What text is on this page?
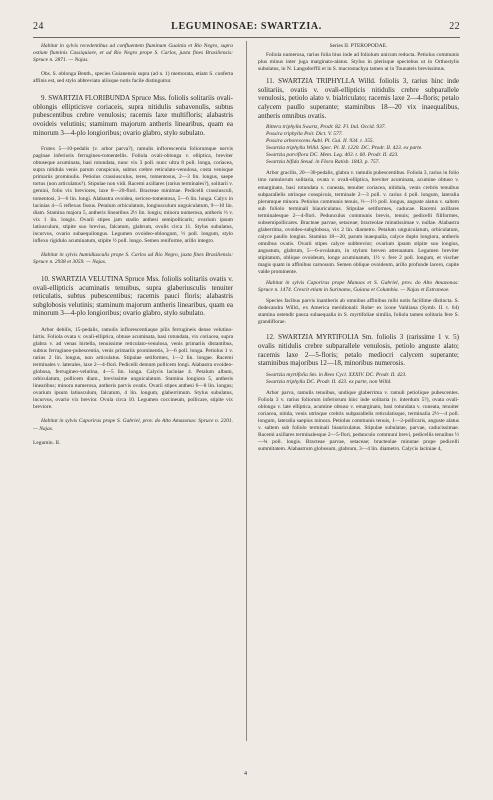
24	LEGUMINOSAE: SWARTZIA.	22

Habitat in sylvis recedentibus ad confluentem fluminum Guainia et Rio Negro, supra ostium fluminis Cassiquiare, et ad Rio Negro prope S. Carlos, juxta fines Brasiliensis: Spruce n. 2871. — Najas.

Obs. S. oblonga Benth., species Guianensis supra (ad n. 1) memorata, etiam S. conferta affinis est, sed stylo abbreviato aliisque notis facile distinguitur.

9. SWARTZIA FLORIBUNDA Spruce Mss. foliolis solitariis ovali-oblongis ellipticisve coriaceis, supra nitidulis subavenulis, subtus pubescentibus crebre venulosis; racemis laxe multifloris; alabastris ovoideis velutinis; staminum majorum antheris linearibus, quam ea minorum 3—4-plo longioribus; ovario glabro, stylo subulato.

Frutex 5—10-pedalis (v. arbor parva?), ramulis inflorescentia foliorumque nervis paginae inferioris ferrugineo-tomentellis. Foliola ovali-oblonga v. elliptica, breviter obtuseque acuminata, basi rotundata, nunc vix 3 poll. nunc ultra 8 poll. longa, coriacea, supra nitidula venis parum conspicuis, subtus crebre reticulato-venulosa, costa venisque primariis prominulis. Petiolus crassiusculus, teres, tomentosus, 2—3 lin. longus, saepe tortus (non articulatus?). Stipulae non vidi. Racemi axillares (rarius terminales?), solitarii v. gemini, folio vix breviores, laxe 8—20-flori. Bracteae minimae. Pedicelli crassiusculi, tomentosi, 3—6 lin. longi. Alabastra ovoidea, sericeo-tomentosa, 5—6 lin. longa. Calyx in lacinias 4—5 reflexas fissus. Petalum orbiculatum, longiusculum unguiculatum, 9—10 lin. diam. Stamina majora 5, antheris linearibus 2½ lin. longis; minora numerosa, antheris ⅔ v. vix 1 lin. longis. Ovarii stipes jam stadio anthesi semipollicaris; ovarium ipsum latiusculum, stipite suo brevius, falcatum, glabrum, ovulis circa 11. Stylus subulatus, incurvus, ovario subaequilongus. Legumen ovoideo-oblongum, ½ poll. longum, stylo inflexo rigidulo acuminatum, stipite ½ poll. longo. Semen reniforme, arillo integro.

Habitat in sylvis humidiusculis prope S. Carlos ad Rio Negro, juxta fines Brasiliensis: Spruce n. 2938 et 3059. — Najas.

10. SWARTZIA VELUTINA Spruce Mss. foliolis solitariis ovatis v. ovali-ellipticis acuminatis tenuibus, supra glaberiusculis tenuiter reticulatis, subtus pubescentibus; racemis pauci floris; alabastris subglobosis velutinis; staminum majorum antheris linearibus, quam ea minorum 3—4-plo longioribus; ovario glabro, stylo subulato.

Arbor debilis, 15-pedalis, ramulis inflorescentiaque pilis ferrugineis dense velutino-hirtis. Foliola ovata v. ovali-elliptica, obtuse acuminata, basi rotundata, vix coriacea, supra glabra v. ad venas hirtella, tenuissime reticulato-venulosa, venis primariis distantibus, subtus ferrugineo-pubescentia, venis primariis prominentis, 3—6 poll. longa. Petiolus 1 v. rarius 2 lin. longus, non articulatus. Stipulae setiformes, 1—2 lin. longae. Racemi terminales v. laterales, laxe 2—4-flori. Pedicelli demum pollicem longi. Alabastra ovoideo-globosa, ferrugineo-velutina, 4—5 lin. longa. Calycis laciniae 4. Petalum album, orbiculatum, pollicem diam., brevissime unguiculatum. Stamina longiora 5, antheris linearibus; minora numerosa, antheris parvis ovatis. Ovarii stipes anthesi 6—8 lin. longus; ovarium ipsum latiusculum, falcatum, 4 lin. longum, glaberrimum. Stylus subulatus, incurvus, ovario vix brevior. Ovula circa 10. Legumen coccineum, pollicare, stipite vix breviore.

Habitat in sylvis Caporiras prope S. Gabriel, prov. do Alto Amazonas: Spruce n. 2201. — Najas.

Legumin. II.

Series II. PTEROPODAE.

Foliola numerosa, rarius folia bius inde ad foliolum unicum reducta. Petiolus communis plus minus inter juga marginato-alatus. Stylus in plerisque speciebus ut in Orthostylis subulatus, in N. Langsdorffii et in S. macrostachya tamen ut in Tounateis brevissimus.

11. SWARTZIA TRIPHYLLA Willd. foliolis 3, rarius hinc inde solitariis, ovatis v. ovali-ellipticis nitidulis crebre subparallele venulosis, petiolo alato v. bialriculato; racemis laxe 2—4-floris; petalo calycem paullo superante; staminibus 18—20 vix inaequalibus, antheris omnibus ovatis.

Rittera triphylla Swartz, Prodr. 82. Fl. Ind. Occid. 937.

Possira triphylla Poir. Dict. V. 577.

Possira arborescens Aubl. Pl. Gui. II. 934. t. 355.

Swartzia triphylla Willd. Spec. Pl. II. 1220. DC. Prodr. II. 423. ex parte.

Swartzia parviflora DC. Mem. Leg. 403. t. 60. Prodr. II. 423.

Swartzia bifida Steud. in Flora Ratisb. 1843. p. 757.

Arbor gracilis, 20—30-pedalis, glabra v. ramulis pubescentibus. Foliola 3, rarius in folio imo ramulorum solitaria, ovata v. ovali-elliptica, breviter acuminata, acumine obtuso v. emarginato, basi rotundata v. cuneata, tenuiter coriacea, nitidula, venis crebris tenuibus subparallelis utrinque conspicuis, terminale 2—3 poll. v. rarius 4 poll. longum, lateralia plerumque minora. Petiolus communis tenuis, ½—1½ poll. longus, anguste alatus v. saltem sub foliolo terminali biauriculatus. Stipulae setiformes, caducae. Racemi axillares terminalesque 2—4-flori. Pedunculus communis brevis, tenuis; pedicelli filiformes, subsemipollicares. Bracteae parvae, setaceae; bracteolae minutissimae v. nullae. Alabastra glaberrima, ovoideo-subglobosa, vix 2 lin. diametro. Petalum unguiculatum, orbiculatum, calyce paullo longius. Stamina 18—20, parum inaequalia, calyce duplo longiora, antheris omnibus ovatis. Ovarii stipes calyce subbrevior; ovarium ipsum stipite suo longius, angustum, glabrum, 5—6-ovulatum, in stylum breven attenuatum. Legumen breviter stipitatum, oblique ovoideum, longe acuminatum, 1½ v. fere 2 poll. longum, et vischer magis quam in affinibus carnosum. Semen oblique ovoideum, arillo profunde lacero, capite valde prominente.

Habitat in sylvis Caporiras prope Manaos et S. Gabriel, prov. do Alto Amazonas: Spruce n. 1474. Crescit etiam in Surinamo, Guiana et Columbia. — Najas et Extraneae.

Species facibus parvis inantheris ab omnibus affinibus mihi notis facillime distincta. S. dodecandra Willd., ex America meridionali: Roheᵃ ex icone Vahliana (Symb. II. t. 64) stamina ostendit pauca subaequalia in S. myrtifoliae similia, foliola tamen solitaria fere S. grandiflorae.

12. SWARTZIA MYRTIFOLIA Sm. foliolis 3 (rarissime 1 v. 5) ovalis nitidulis crebre subparallele venulosis, petiolo anguste alato; racemis laxe 2—5-floris; petalo mediocri calycem superante; staminibus majoribus 12—18, minoribus numerosis.

Swartzia myrtifolia Sm. in Rees Cycl. XXXIV. DC. Prodr. II. 423.

Swartzia triphylla DC. Prodr. II. 423. ex parte, non Willd.

Arbor parva, ramulis tenuibus, undique glaberrima v. ramuli petiolique pubescentes. Foliola 3 v. rarius foliorum inferiorum hinc inde solitaria (v. interdum 5?), ovata ovali-oblonga v. late elliptica, acumine obtuso v. emarginato, basi rotundata v. cuneata, tenuiter coriacea, nitida, venis utrinque crebris subparallelis reticulatisque, terminalia 2½—4 poll. longum, lateralia saepius minora. Petiolus communis tenuis, 1—2-pollicaris, anguste alatus v. saltem sub foliolo terminali biauriculatus. Stipulae subulatae, parvae, caducissimae. Racemi axillares terminalesque 2—5-flori, pedunculo communi brevi, pedicellis tenuibus ½—¾ poll. longis. Bracteae parvae, setaceae; bracteolae minutae prope pedicelli summitatem. Alabastrum globosum, glabrum, 3—4 lin. diametro. Calycis laciniae 4,

4
